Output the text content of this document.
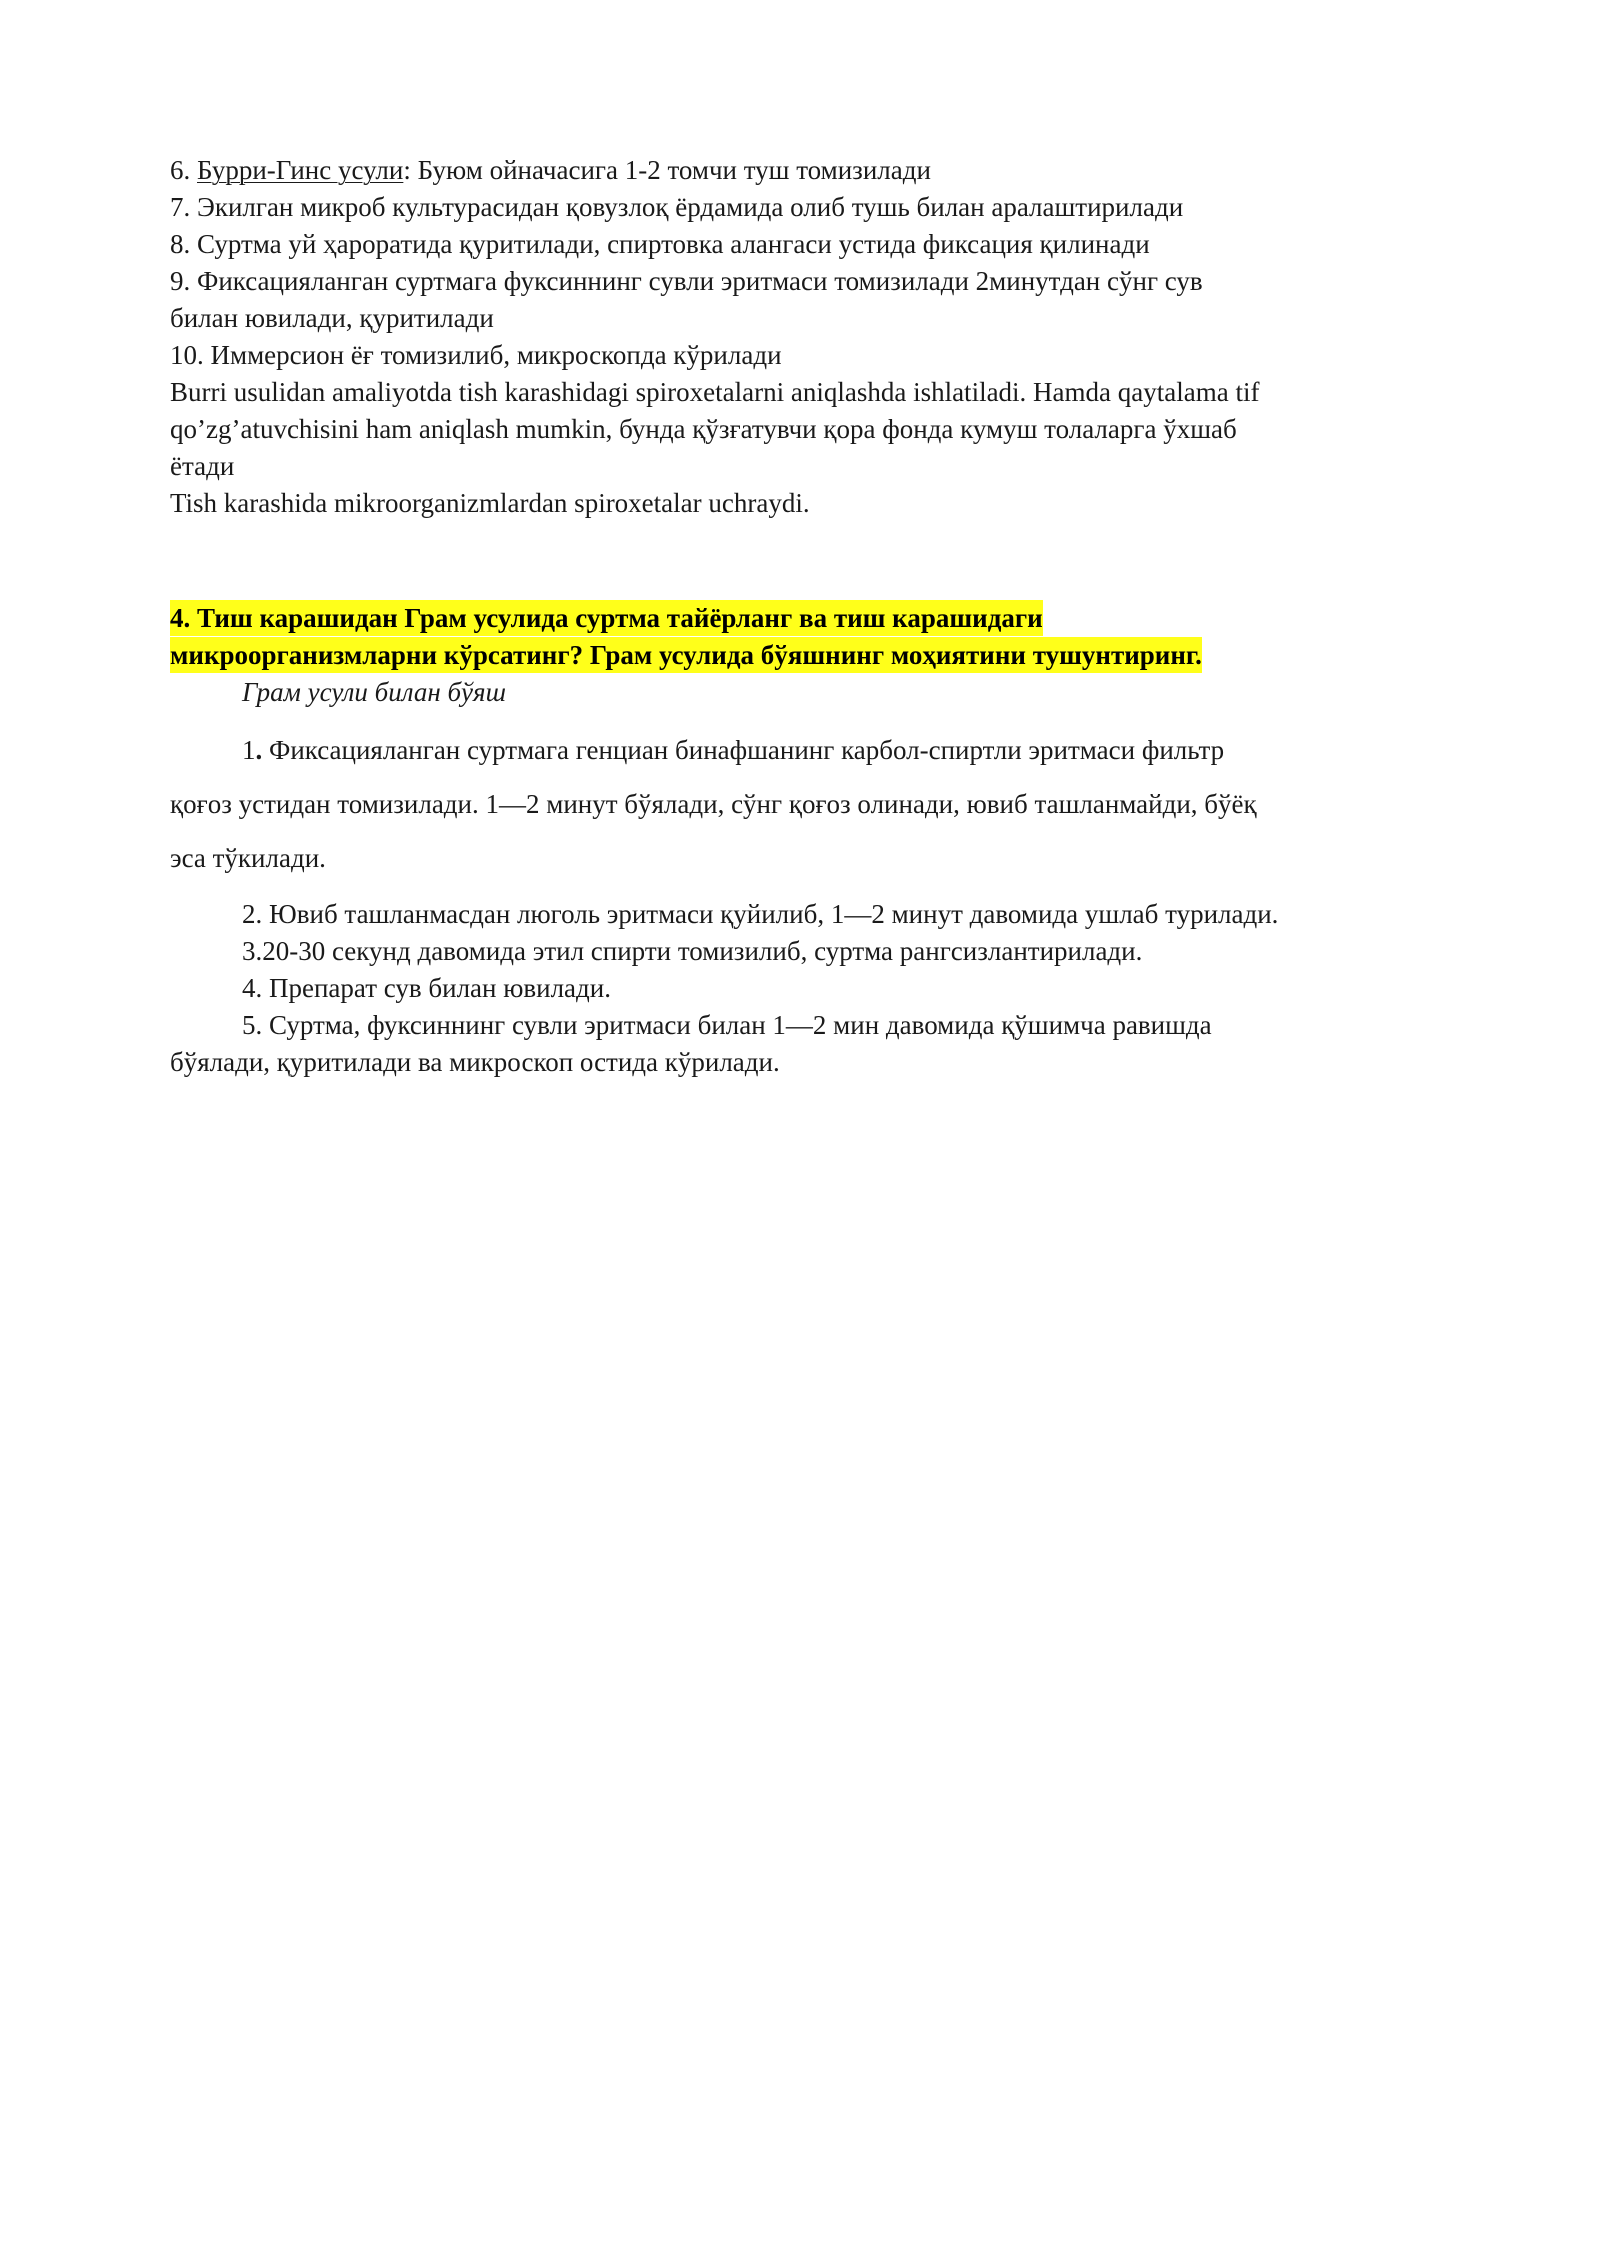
6. Бурри-Гинс усули: Буюм ойначасига 1-2 томчи туш томизилади
7. Экилган микроб культурасидан қовузлоқ ёрдамида олиб тушь билан аралаштирилади
8. Суртма уй ҳароратида қуритилади, спиртовка алангаси устида фиксация қилинади
9. Фиксацияланган суртмага фуксиннинг сувли эритмаси томизилади 2минутдан сўнг сув
билан ювилади, қуритилади
10. Иммерсион ёғ томизилиб, микроскопда кўрилади
Burri usulidan amaliyotda tish karashidagi spiroxetalarni aniqlashda ishlatiladi. Hamda qaytalama tif
qo’zg’atuvchisini ham aniqlash mumkin, бунда қўзғатувчи қора фонда кумуш толаларга ўхшаб
ётади
Tish karashida mikroorganizmlardan spiroxetalar uchraydi.
4. Тиш карашидан Грам усулида суртма тайёрланг ва тиш карашидаги
микроорганизмларни кўрсатинг? Грам усулида бўяшнинг моҳиятини тушунтиринг.
Грам усули билан бўяш
1. Фиксацияланган суртмага генциан бинафшанинг карбол-спиртли эритмаси фильтр
қоғоз устидан томизилади. 1—2 минут бўялади, сўнг қоғоз олинади, ювиб ташланмайди, бўёқ
эса тўкилади.
2. Ювиб ташланмасдан люголь эритмаси қуйилиб, 1—2 минут давомида ушлаб турилади.
3.20-30 секунд давомида этил спирти томизилиб, суртма рангсизлантирилади.
4. Препарат сув билан ювилади.
5. Суртма, фуксиннинг сувли эритмаси билан 1—2 мин давомида қўшимча равишда
бўялади, қуритилади ва микроскоп остида кўрилади.
